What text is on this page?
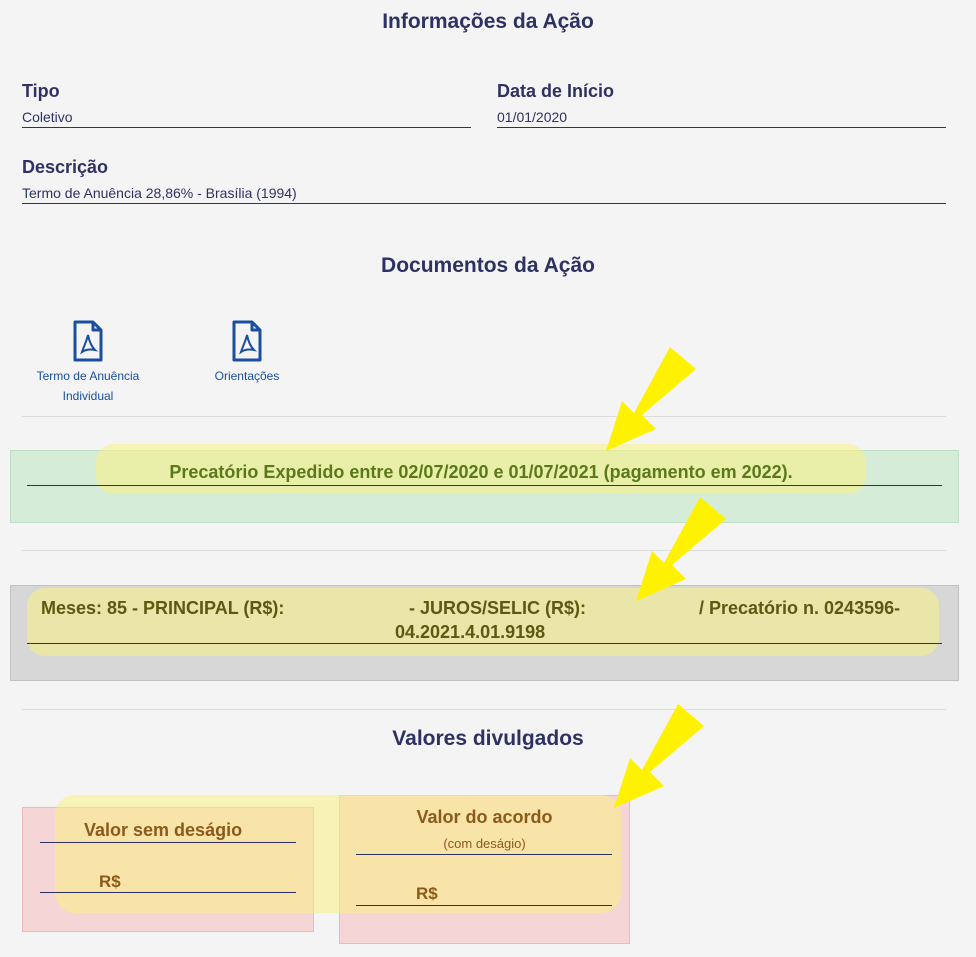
Informações da Ação
Tipo
Coletivo
Data de Início
01/01/2020
Descrição
Termo de Anuência 28,86% - Brasília (1994)
Documentos da Ação
Termo de Anuência
Individual
Orientações
Precatório Expedido entre 02/07/2020 e 01/07/2021 (pagamento em 2022).
Meses: 85 - PRINCIPAL (R$):	- JUROS/SELIC (R$):	/ Precatório n. 0243596-
04.2021.4.01.9198
Valores divulgados
Valor sem deságio
R$
Valor do acordo
(com deságio)
R$
